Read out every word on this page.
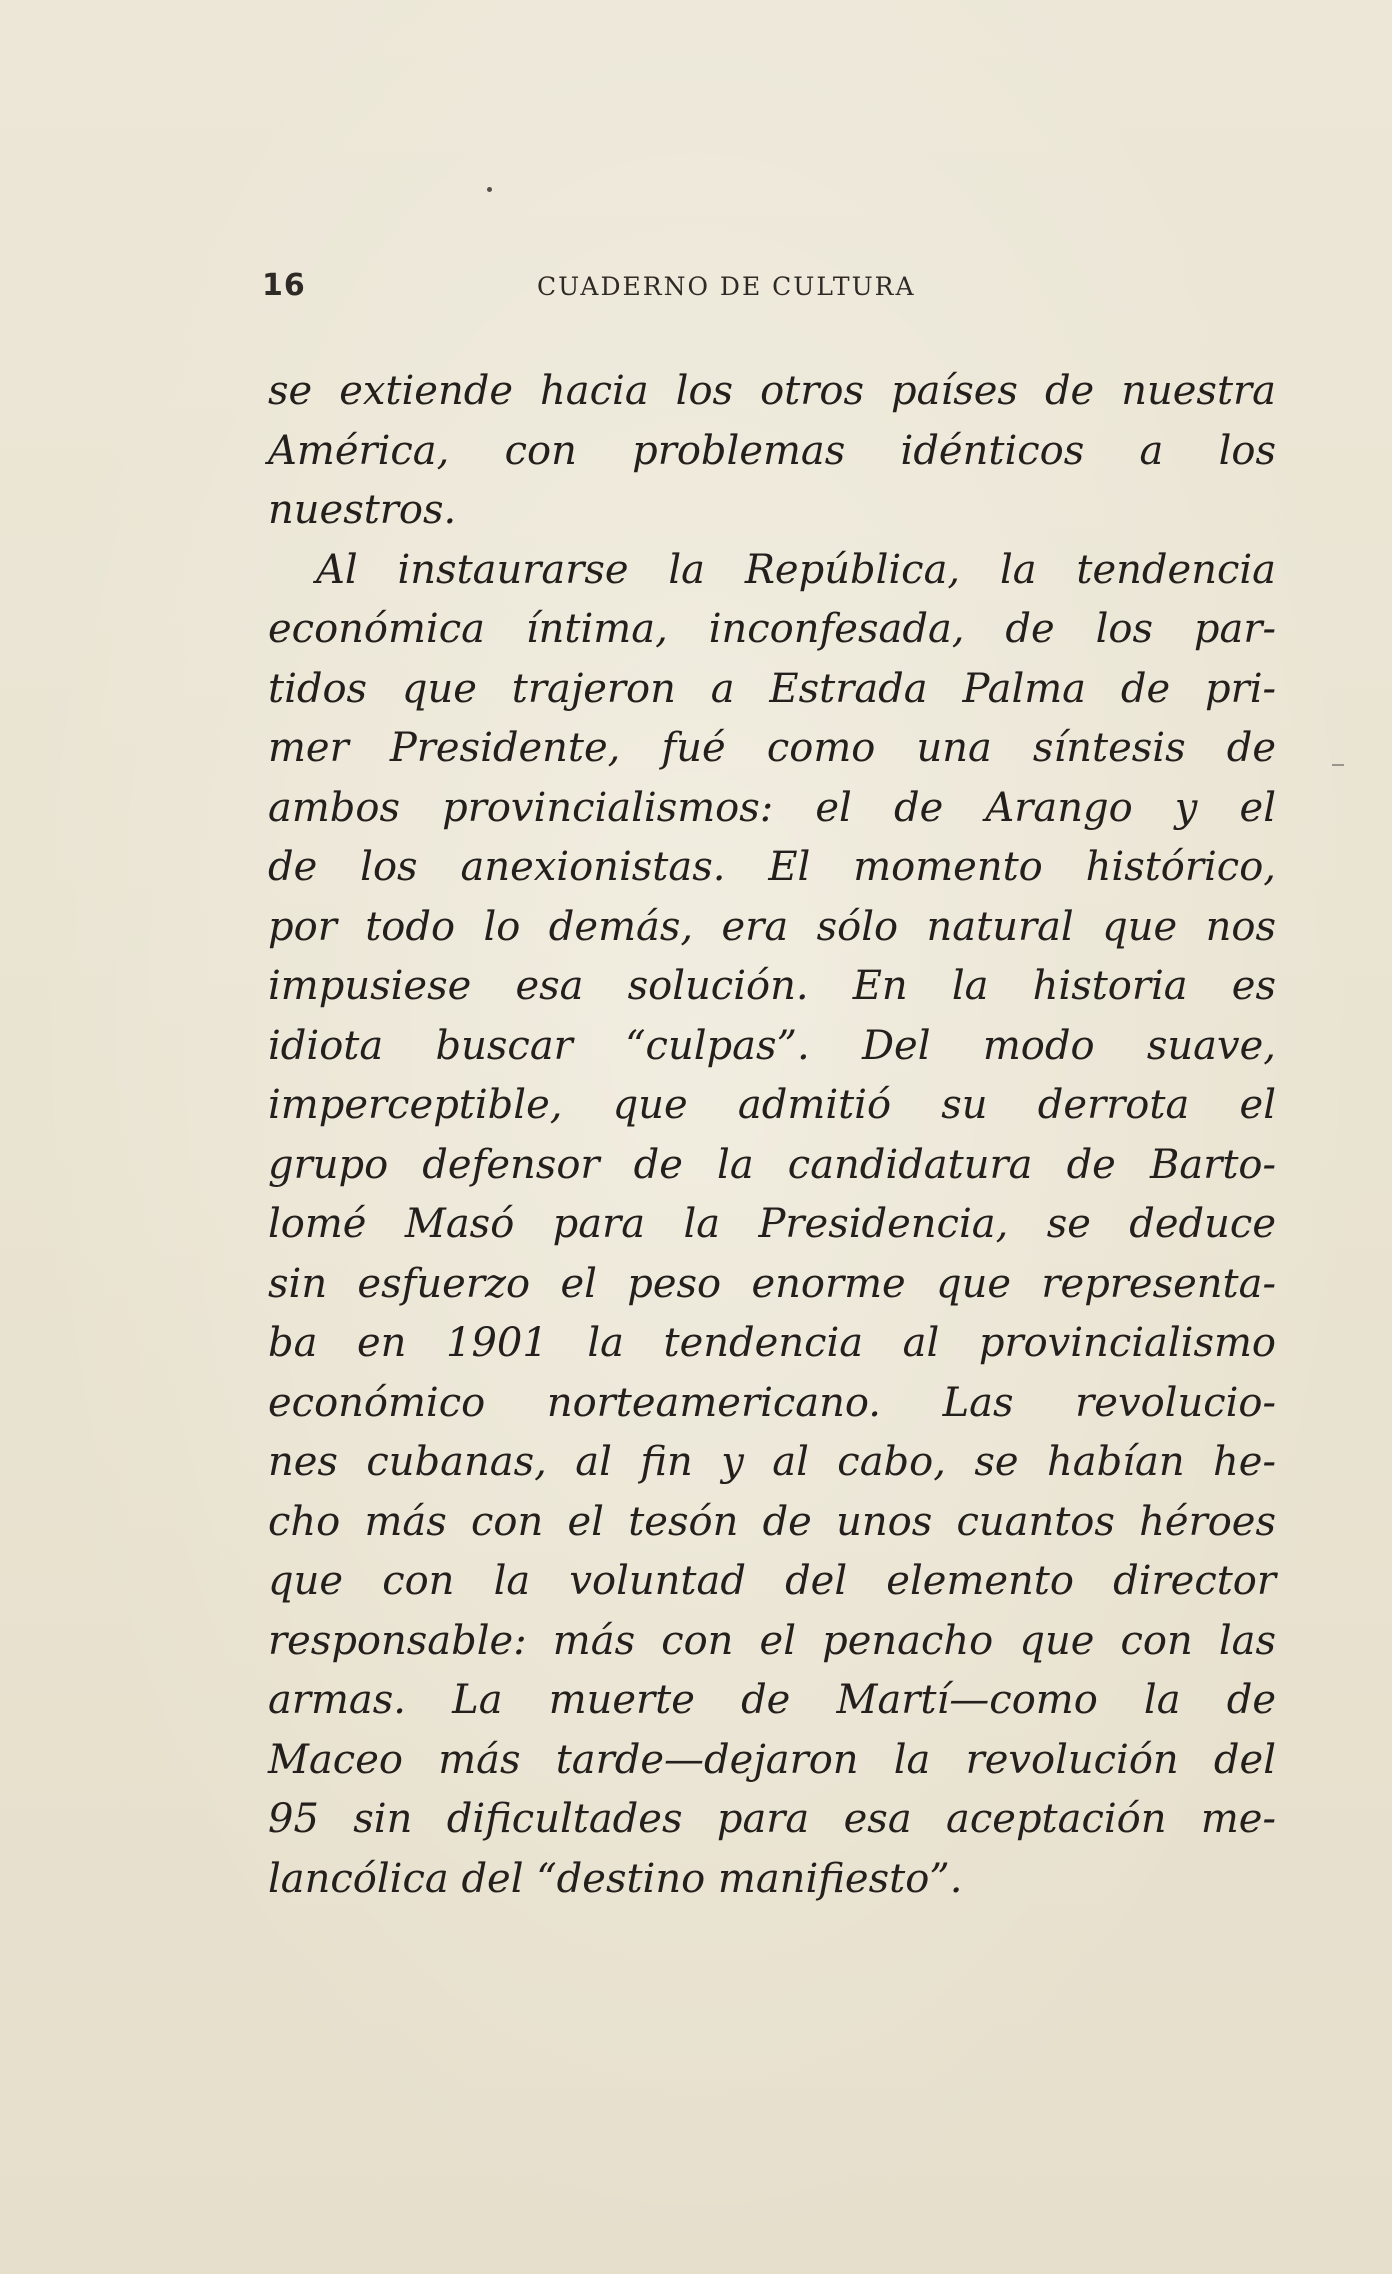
16	CUADERNO DE CULTURA
se extiende hacia los otros países de nuestra
América, con problemas idénticos a los
nuestros.
Al instaurarse la República, la tendencia
económica íntima, inconfesada, de los par-
tidos que trajeron a Estrada Palma de pri-
mer Presidente, fué como una síntesis de
ambos provincialismos: el de Arango y el
de los anexionistas. El momento histórico,
por todo lo demás, era sólo natural que nos
impusiese esa solución. En la historia es
idiota buscar “culpas”. Del modo suave,
imperceptible, que admitió su derrota el
grupo defensor de la candidatura de Barto-
lomé Masó para la Presidencia, se deduce
sin esfuerzo el peso enorme que representa-
ba en 1901 la tendencia al provincialismo
económico norteamericano. Las revolucio-
nes cubanas, al fin y al cabo, se habían he-
cho más con el tesón de unos cuantos héroes
que con la voluntad del elemento director
responsable: más con el penacho que con las
armas. La muerte de Martí—como la de
Maceo más tarde—dejaron la revolución del
95 sin dificultades para esa aceptación me-
lancólica del “destino manifiesto”.
